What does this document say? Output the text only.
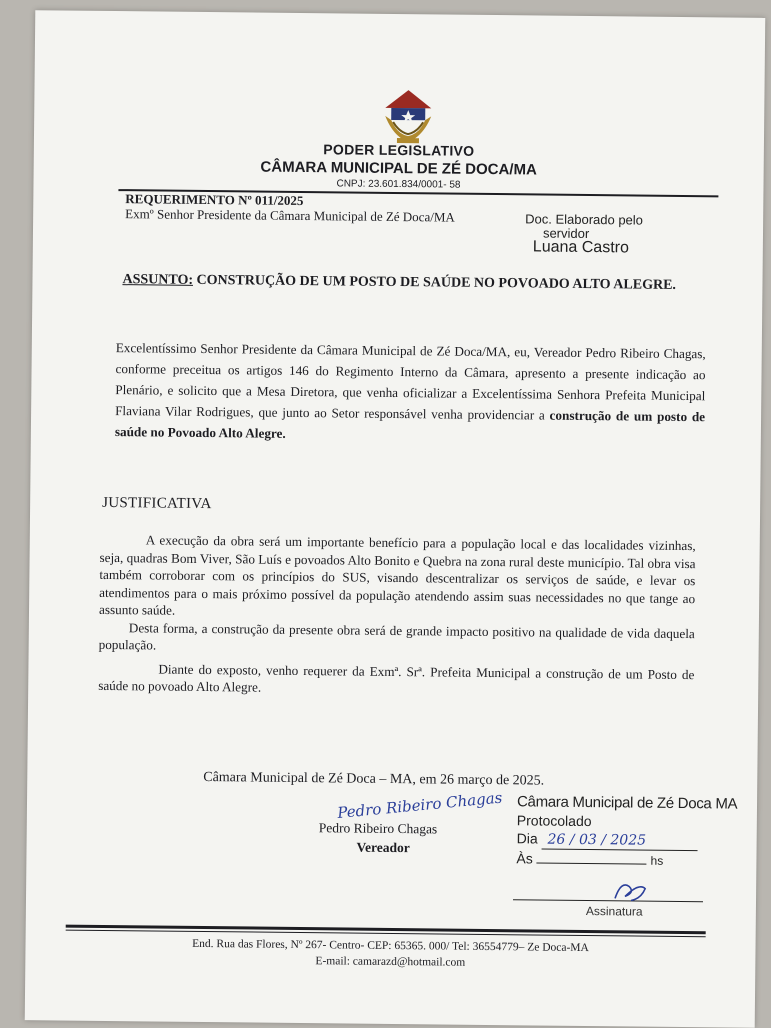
PODER LEGISLATIVO
CÂMARA MUNICIPAL DE ZÉ DOCA/MA
CNPJ: 23.601.834/0001- 58
REQUERIMENTO Nº 011/2025
Exmº Senhor Presidente da Câmara Municipal de Zé Doca/MA	Doc. Elaborado pelo
servidor
Luana Castro
ASSUNTO: CONSTRUÇÃO DE UM POSTO DE SAÚDE NO POVOADO ALTO ALEGRE.
Excelentíssimo Senhor Presidente da Câmara Municipal de Zé Doca/MA, eu, Vereador Pedro Ribeiro Chagas, conforme preceitua os artigos 146 do Regimento Interno da Câmara, apresento a presente indicação ao Plenário, e solicito que a Mesa Diretora, que venha oficializar a Excelentíssima Senhora Prefeita Municipal Flaviana Vilar Rodrigues, que junto ao Setor responsável venha providenciar a construção de um posto de saúde no Povoado Alto Alegre.
JUSTIFICATIVA
A execução da obra será um importante benefício para a população local e das localidades vizinhas, seja, quadras Bom Viver, São Luís e povoados Alto Bonito e Quebra na zona rural deste município. Tal obra visa também corroborar com os princípios do SUS, visando descentralizar os serviços de saúde, e levar os atendimentos para o mais próximo possível da população atendendo assim suas necessidades no que tange ao assunto saúde.
Desta forma, a construção da presente obra será de grande impacto positivo na qualidade de vida daquela população.
Diante do exposto, venho requerer da Exmª. Srª. Prefeita Municipal a construção de um Posto de saúde no povoado Alto Alegre.
Câmara Municipal de Zé Doca – MA, em 26 março de 2025.
Pedro Ribeiro Chagas
Pedro Ribeiro Chagas
Vereador
Câmara Municipal de Zé Doca MA
Protocolado
Dia 26 / 03 / 2025
Às	hs
Assinatura
End. Rua das Flores, Nº 267- Centro- CEP: 65365. 000/ Tel: 36554779– Ze Doca-MA
E-mail: camarazd@hotmail.com
